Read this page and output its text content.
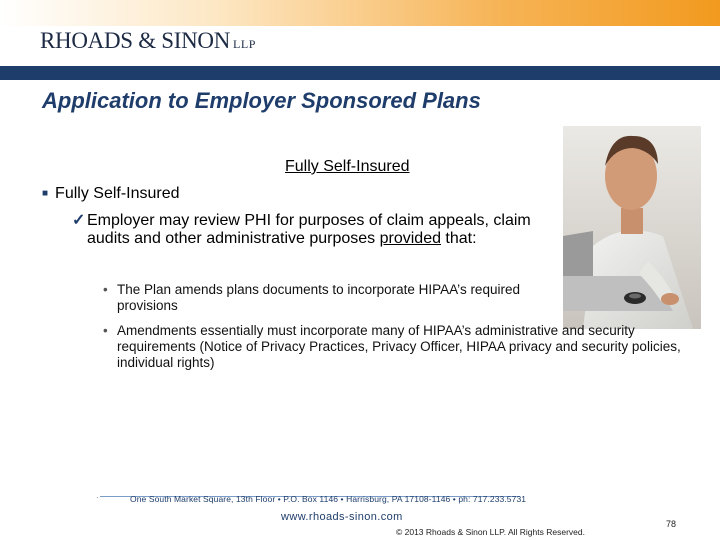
RHOADS & SINON LLP
Application to Employer Sponsored Plans
Fully Self-Insured
■ Fully Self-Insured
✓ Employer may review PHI for purposes of claim appeals, claim audits and other administrative purposes provided that:
• The Plan amends plans documents to incorporate HIPAA’s required provisions
• Amendments essentially must incorporate many of HIPAA’s administrative and security requirements (Notice of Privacy Practices, Privacy Officer, HIPAA privacy and security policies, individual rights)
·	One South Market Square, 13th Floor • P.O. Box 1146 • Harrisburg, PA 17108-1146 • ph: 717.233.5731
www.rhoads-sinon.com
© 2013 Rhoads & Sinon LLP. All Rights Reserved.
78
